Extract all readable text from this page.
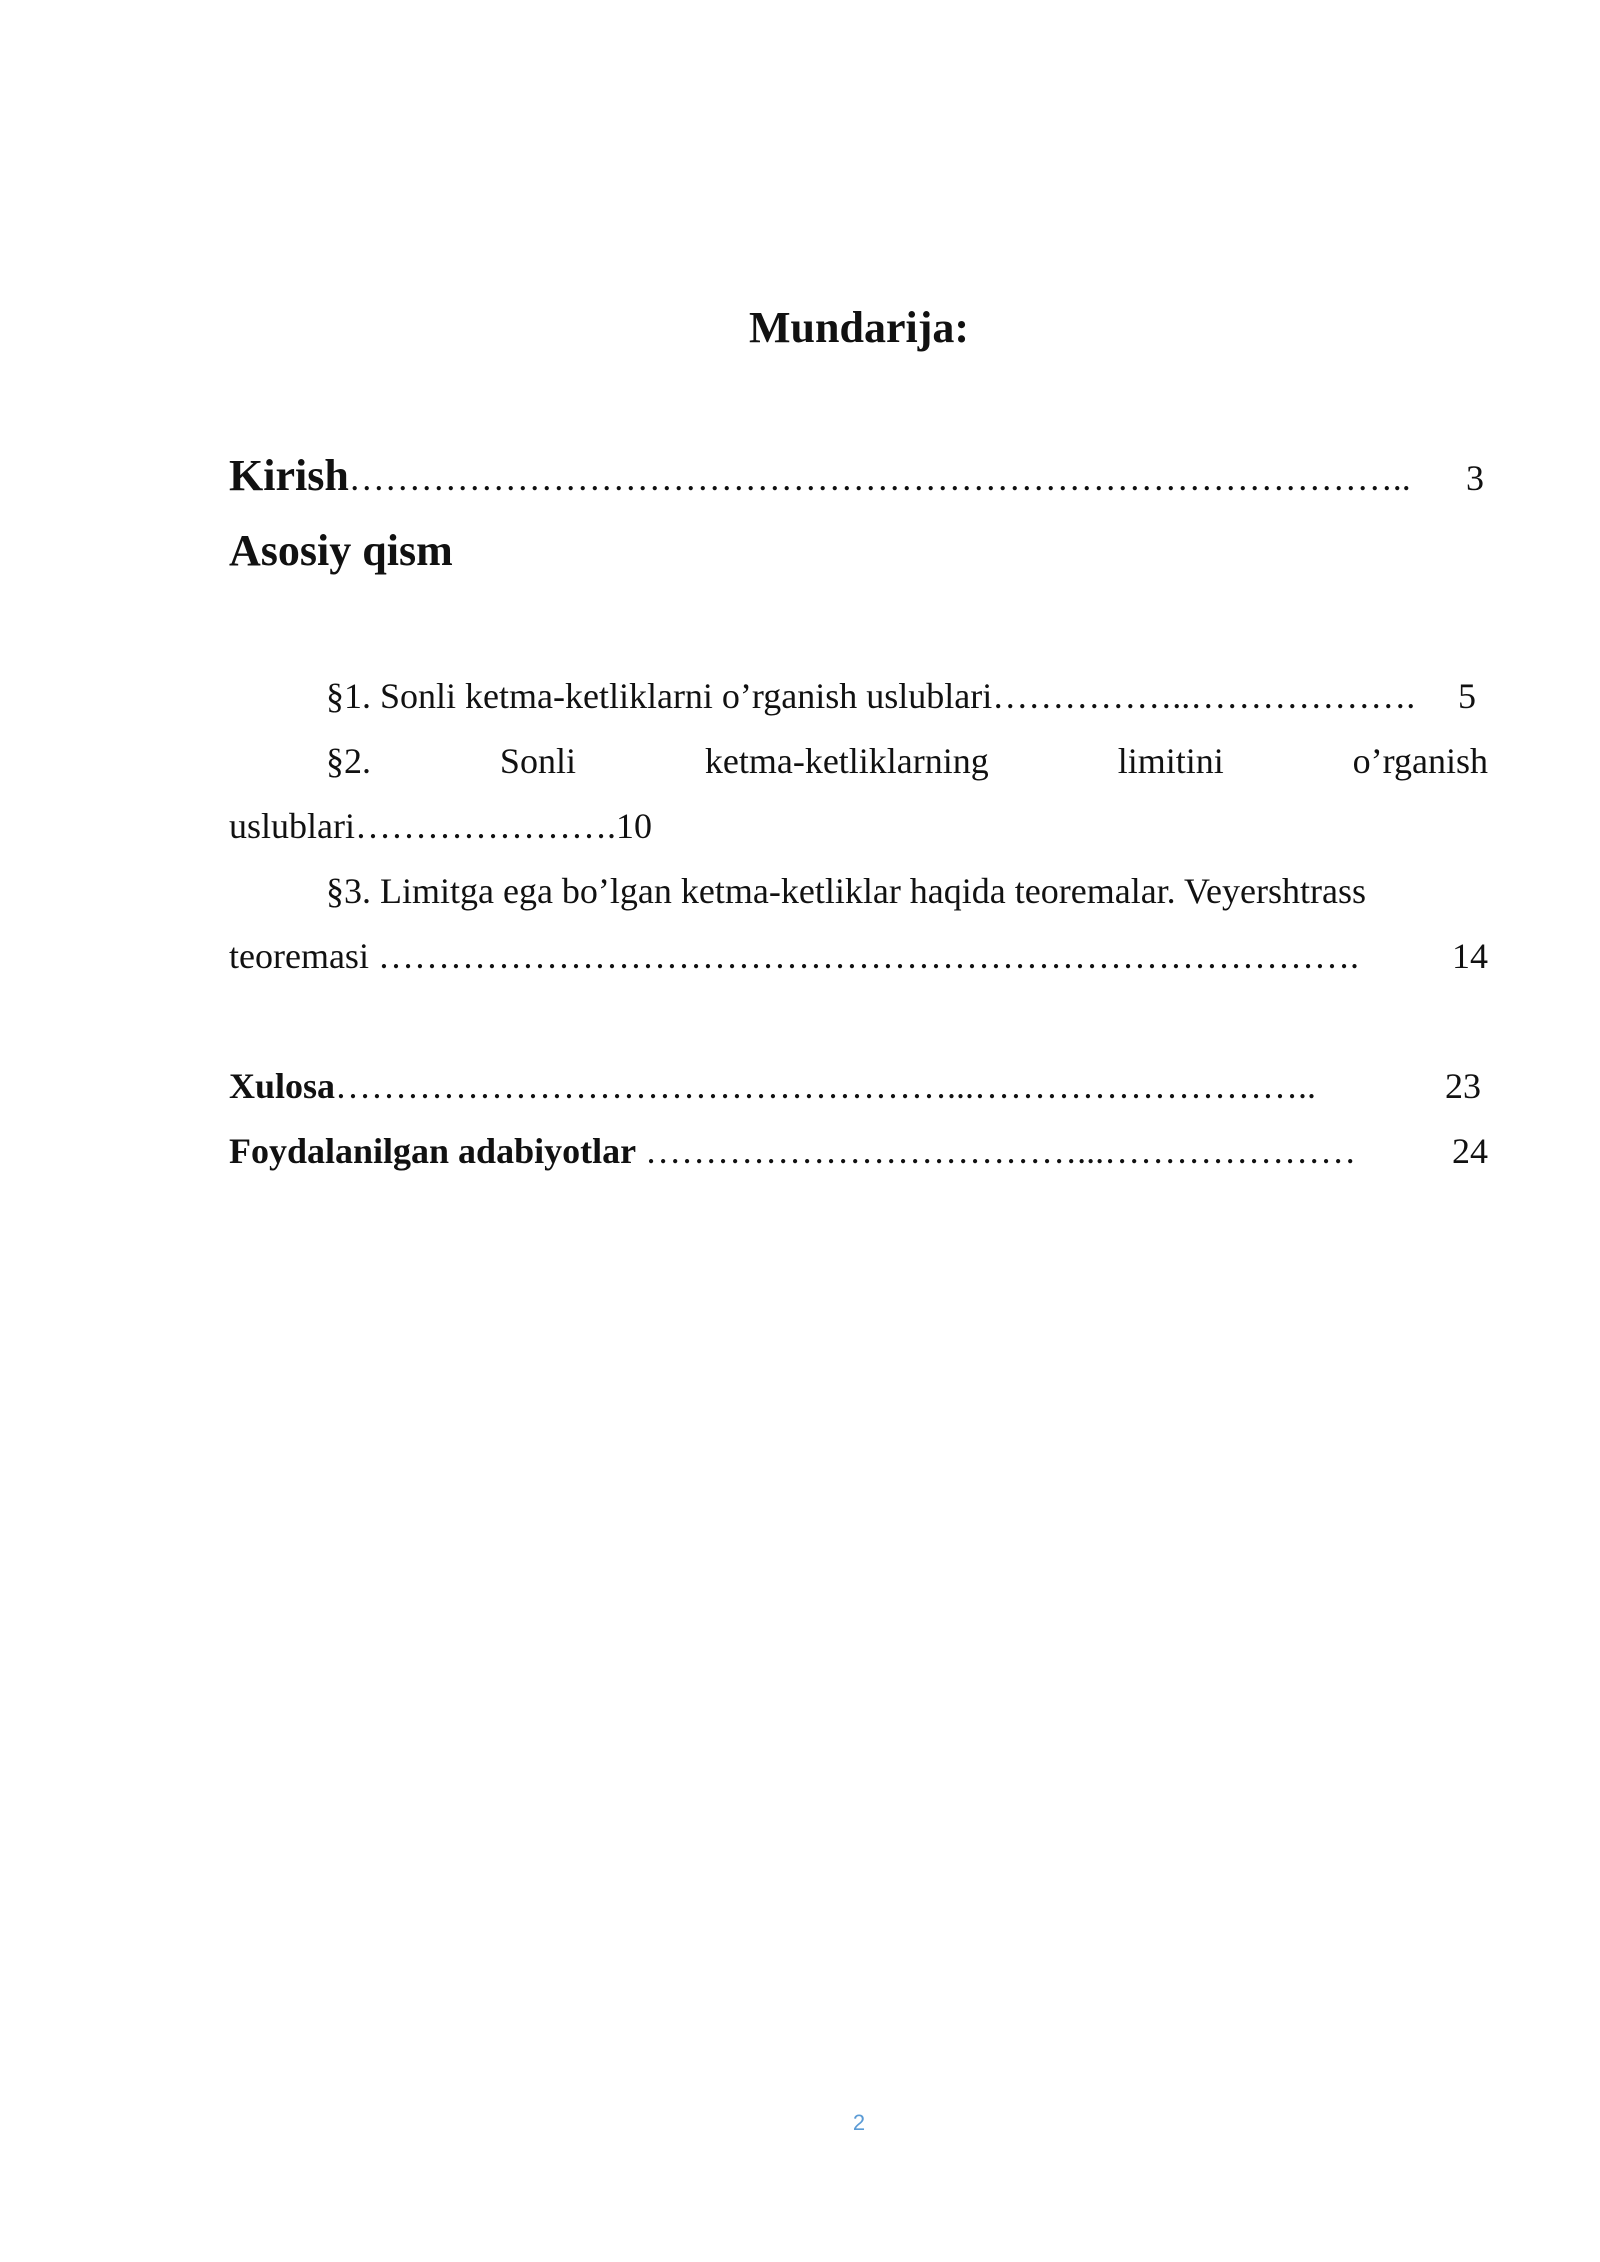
Mundarija:
Kirish ……………………………………………………………………………..	3
Asosiy qism
§1. Sonli ketma-ketliklarni o’rganish uslublari ……………..……………….	5
§2.	Sonli	ketma-ketliklarning	limitini	o’rganish
uslublari………………….10
§3. Limitga ega bo’lgan ketma-ketliklar haqida teoremalar. Veyershtrass
teoremasi ……………………………………………………………………….	14
Xulosa ……………………………………………...………………………..	23
Foydalanilgan adabiyotlar ………………………………...…………………	24
2
